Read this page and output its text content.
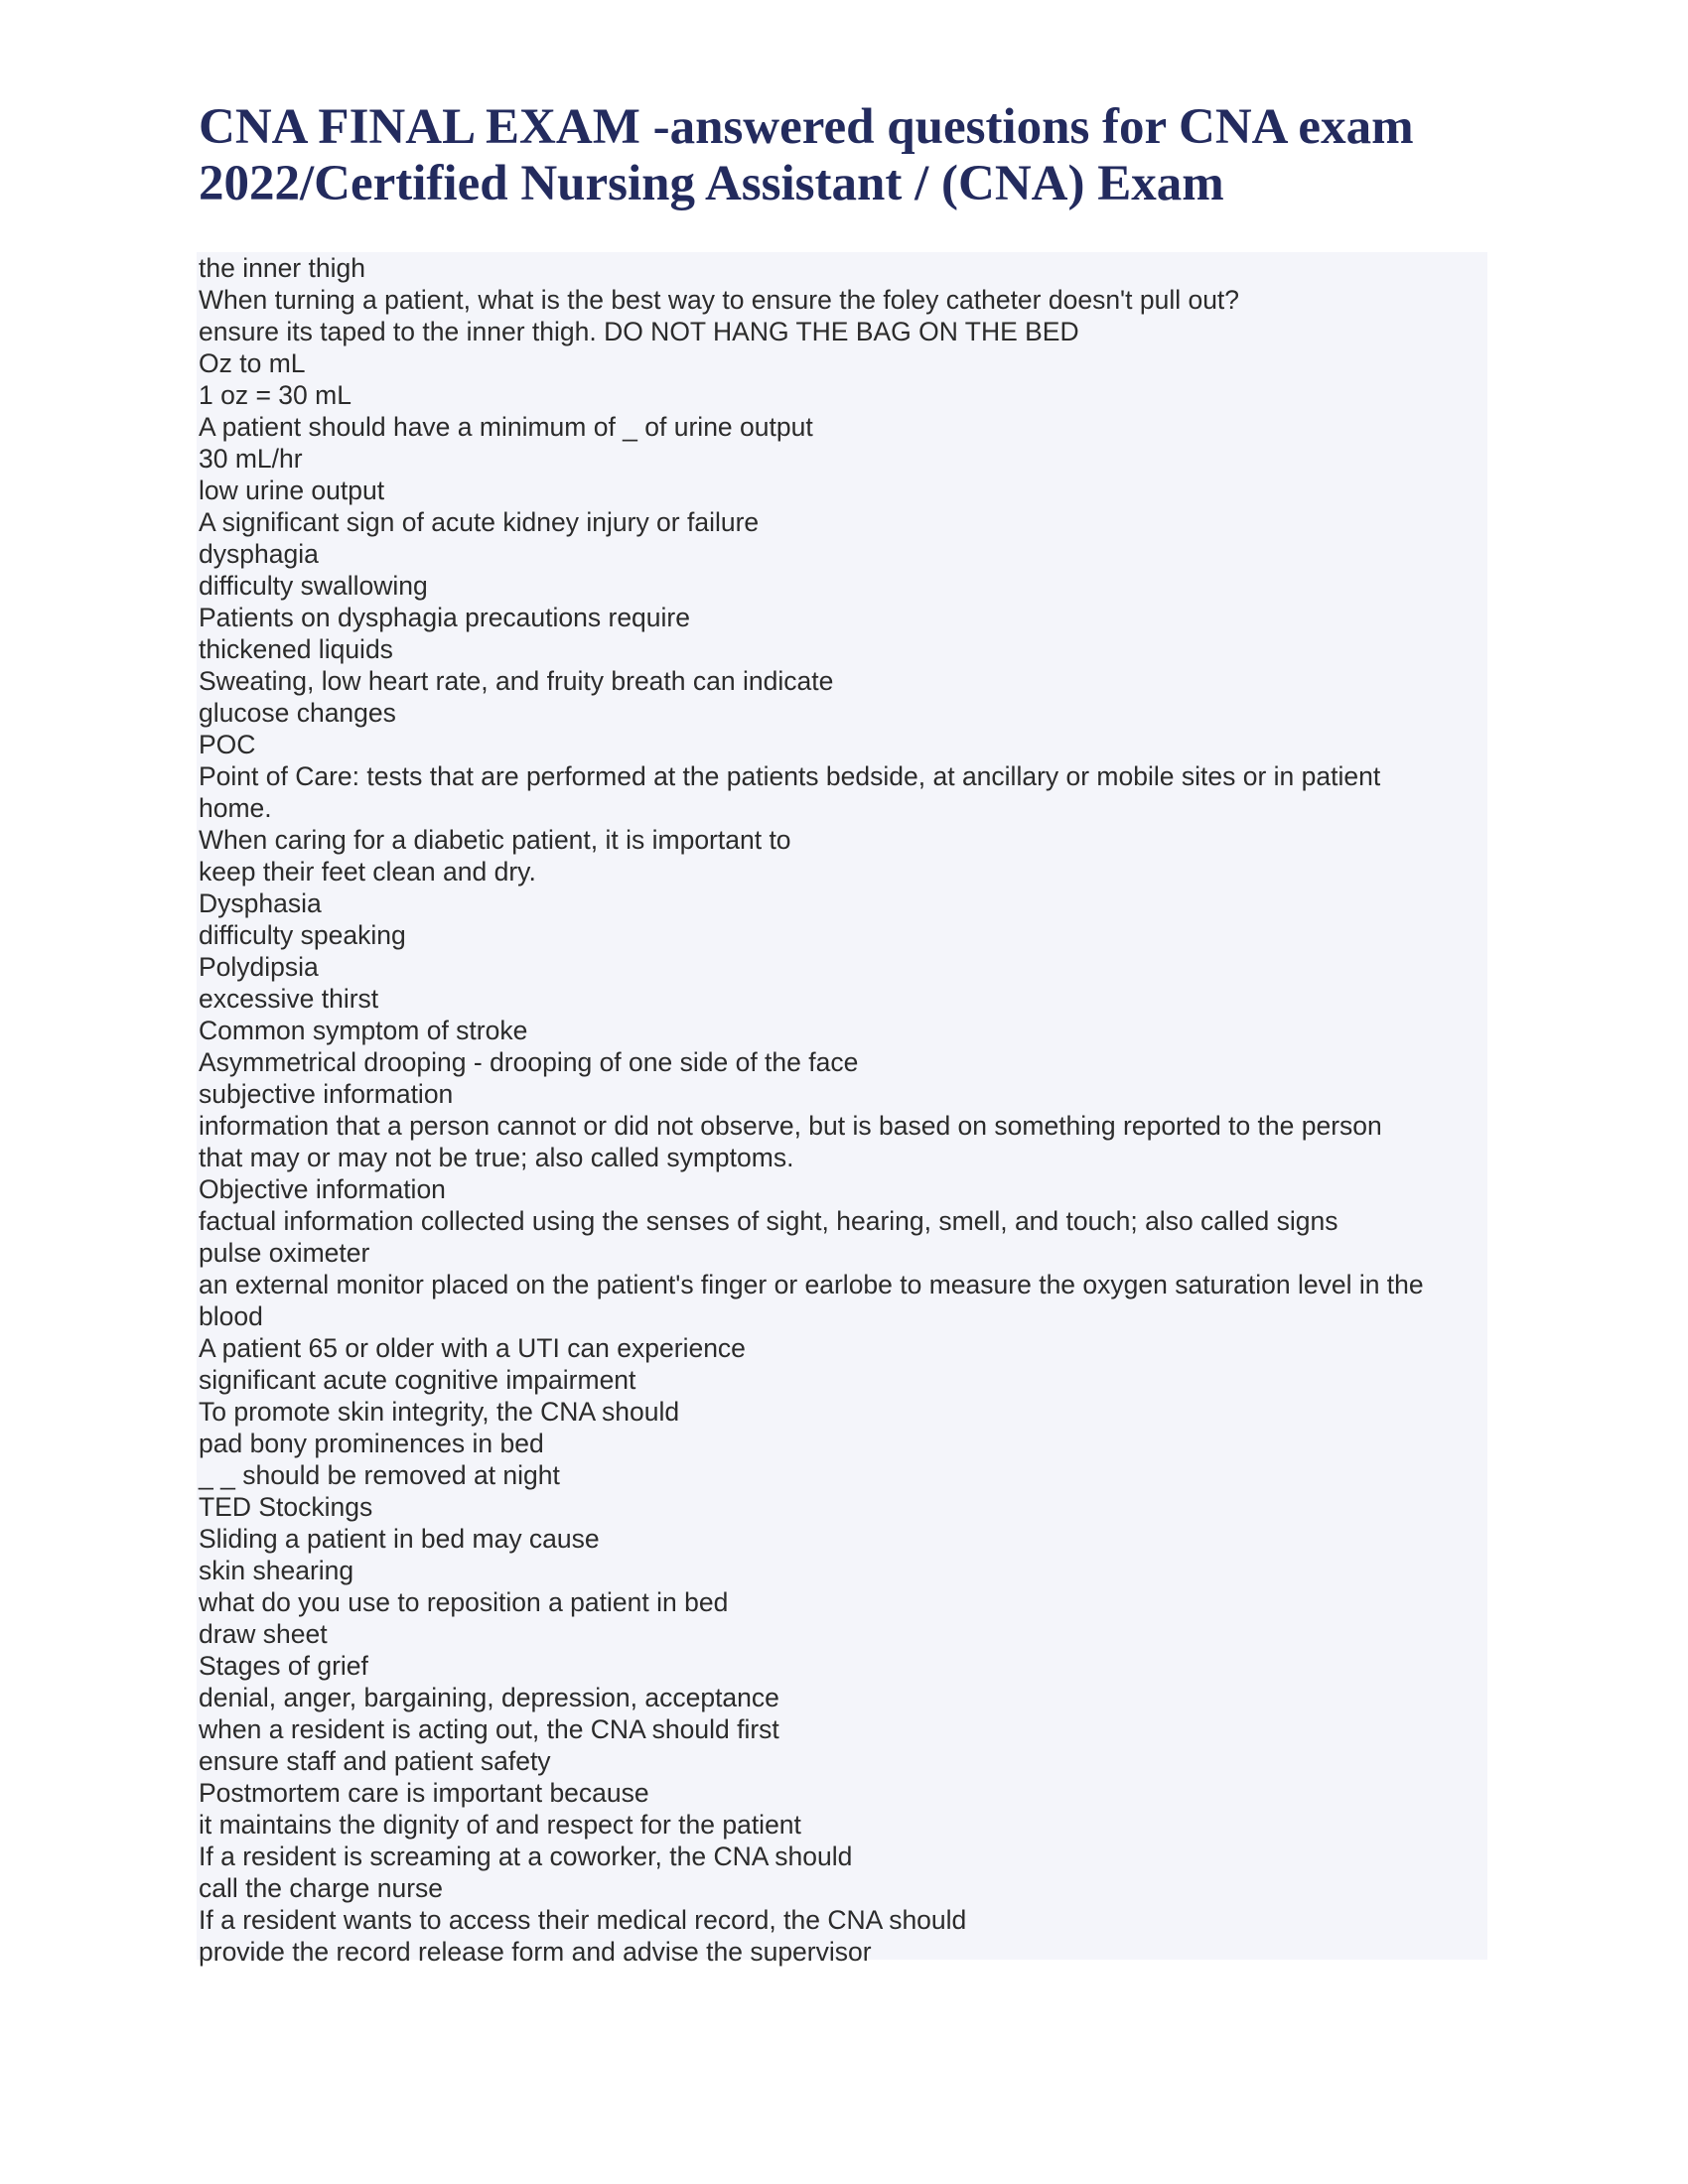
CNA FINAL EXAM -answered questions for CNA exam
2022/Certified Nursing Assistant / (CNA) Exam
the inner thigh
When turning a patient, what is the best way to ensure the foley catheter doesn't pull out?
ensure its taped to the inner thigh. DO NOT HANG THE BAG ON THE BED
Oz to mL
1 oz = 30 mL
A patient should have a minimum of _ of urine output
30 mL/hr
low urine output
A significant sign of acute kidney injury or failure
dysphagia
difficulty swallowing
Patients on dysphagia precautions require
thickened liquids
Sweating, low heart rate, and fruity breath can indicate
glucose changes
POC
Point of Care: tests that are performed at the patients bedside, at ancillary or mobile sites or in patient
home.
When caring for a diabetic patient, it is important to
keep their feet clean and dry.
Dysphasia
difficulty speaking
Polydipsia
excessive thirst
Common symptom of stroke
Asymmetrical drooping - drooping of one side of the face
subjective information
information that a person cannot or did not observe, but is based on something reported to the person
that may or may not be true; also called symptoms.
Objective information
factual information collected using the senses of sight, hearing, smell, and touch; also called signs
pulse oximeter
an external monitor placed on the patient's finger or earlobe to measure the oxygen saturation level in the
blood
A patient 65 or older with a UTI can experience
significant acute cognitive impairment
To promote skin integrity, the CNA should
pad bony prominences in bed
_ _ should be removed at night
TED Stockings
Sliding a patient in bed may cause
skin shearing
what do you use to reposition a patient in bed
draw sheet
Stages of grief
denial, anger, bargaining, depression, acceptance
when a resident is acting out, the CNA should first
ensure staff and patient safety
Postmortem care is important because
it maintains the dignity of and respect for the patient
If a resident is screaming at a coworker, the CNA should
call the charge nurse
If a resident wants to access their medical record, the CNA should
provide the record release form and advise the supervisor
